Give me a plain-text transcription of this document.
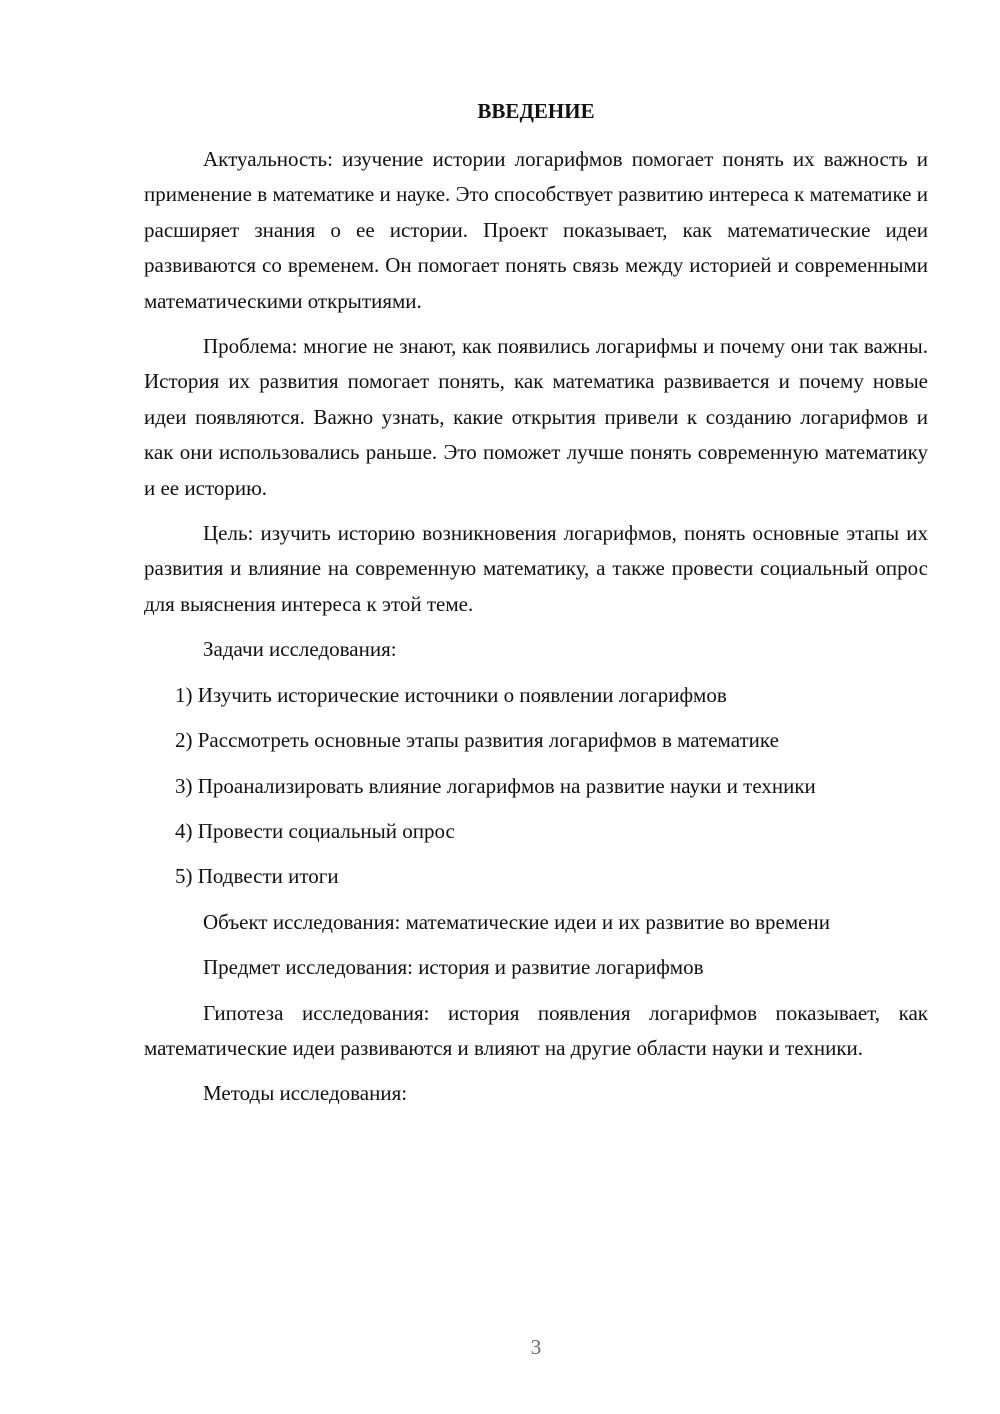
ВВЕДЕНИЕ

Актуальность: изучение истории логарифмов помогает понять их важность и применение в математике и науке. Это способствует развитию интереса к математике и расширяет знания о ее истории. Проект показывает, как математические идеи развиваются со временем. Он помогает понять связь между историей и современными математическими открытиями.

Проблема: многие не знают, как появились логарифмы и почему они так важны. История их развития помогает понять, как математика развивается и почему новые идеи появляются. Важно узнать, какие открытия привели к созданию логарифмов и как они использовались раньше. Это поможет лучше понять современную математику и ее историю.

Цель: изучить историю возникновения логарифмов, понять основные этапы их развития и влияние на современную математику, а также провести социальный опрос для выяснения интереса к этой теме.

Задачи исследования:

1) Изучить исторические источники о появлении логарифмов

2) Рассмотреть основные этапы развития логарифмов в математике

3) Проанализировать влияние логарифмов на развитие науки и техники

4) Провести социальный опрос

5) Подвести итоги

Объект исследования: математические идеи и их развитие во времени

Предмет исследования: история и развитие логарифмов

Гипотеза исследования: история появления логарифмов показывает, как математические идеи развиваются и влияют на другие области науки и техники.

Методы исследования:

3
